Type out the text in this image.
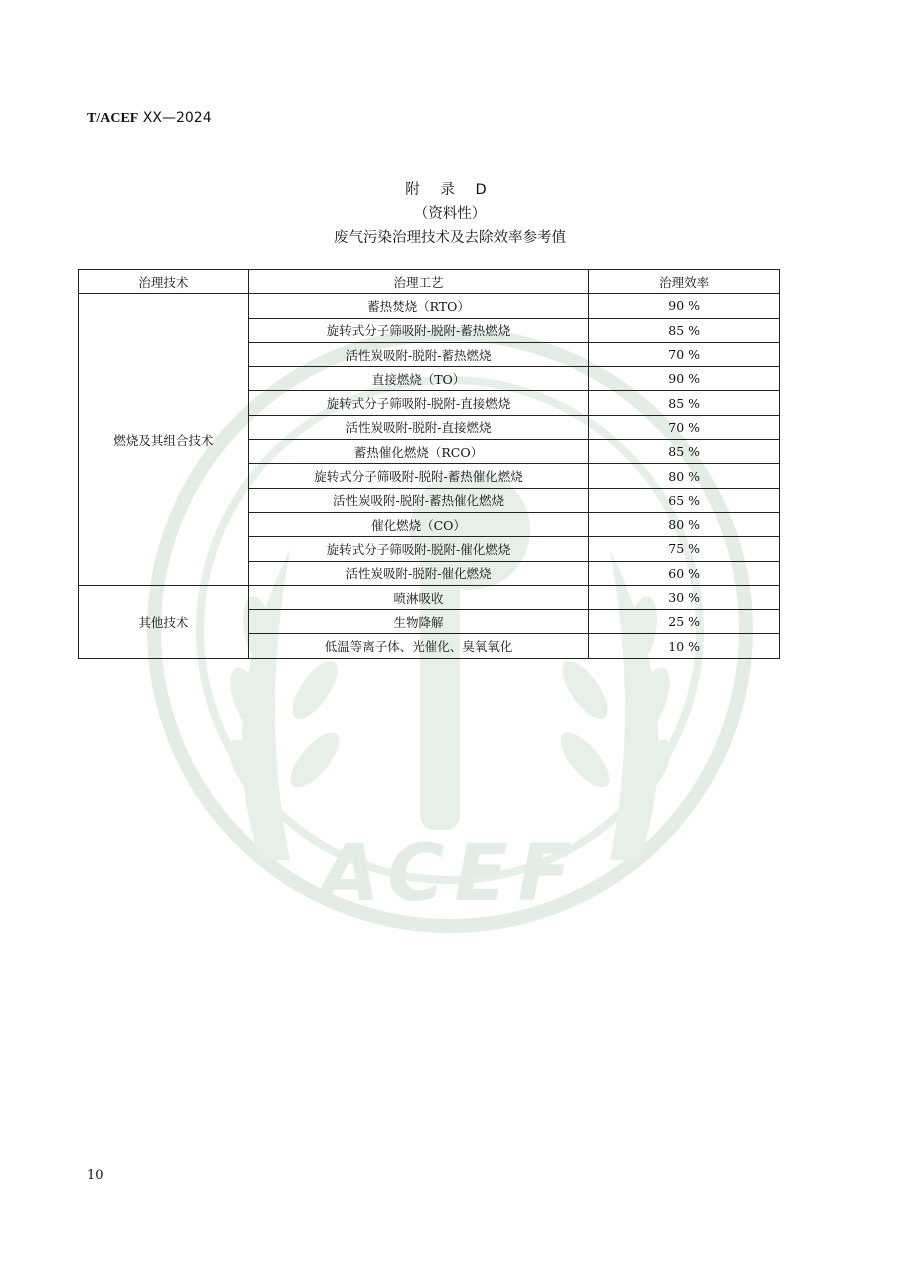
T/ACEF XX—2024
ACEF
附 录 D
（资料性）
废气污染治理技术及去除效率参考值
治理技术	治理工艺	治理效率
燃烧及其组合技术	蓄热焚烧（RTO）	90 %
	旋转式分子筛吸附-脱附-蓄热燃烧	85 %
	活性炭吸附-脱附-蓄热燃烧	70 %
	直接燃烧（TO）	90 %
	旋转式分子筛吸附-脱附-直接燃烧	85 %
	活性炭吸附-脱附-直接燃烧	70 %
	蓄热催化燃烧（RCO）	85 %
	旋转式分子筛吸附-脱附-蓄热催化燃烧	80 %
	活性炭吸附-脱附-蓄热催化燃烧	65 %
	催化燃烧（CO）	80 %
	旋转式分子筛吸附-脱附-催化燃烧	75 %
	活性炭吸附-脱附-催化燃烧	60 %
其他技术	喷淋吸收	30 %
	生物降解	25 %
	低温等离子体、光催化、臭氧氧化	10 %
10
